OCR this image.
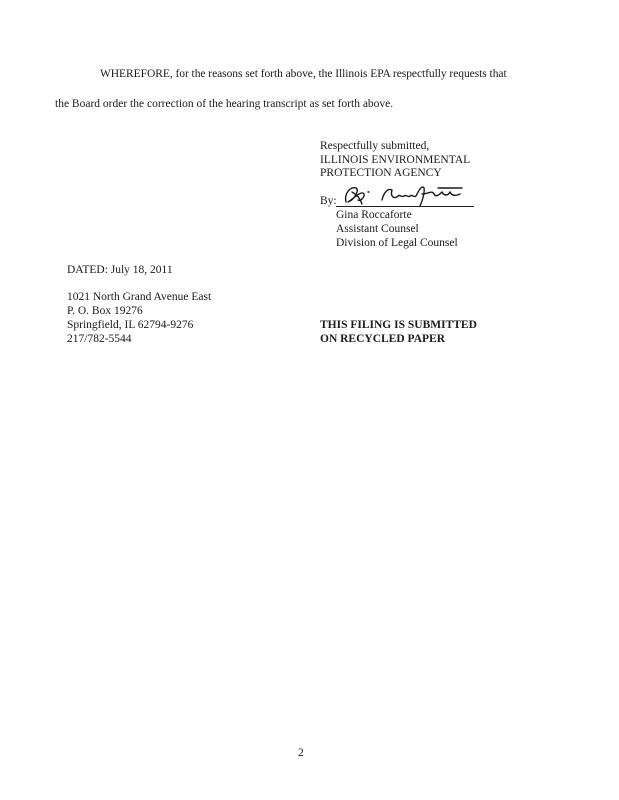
WHEREFORE, for the reasons set forth above, the Illinois EPA respectfully requests that
the Board order the correction of the hearing transcript as set forth above.
Respectfully submitted,
ILLINOIS ENVIRONMENTAL
PROTECTION AGENCY
By:
Gina Roccaforte
Assistant Counsel
Division of Legal Counsel
DATED: July 18, 2011
1021 North Grand Avenue East
P. O. Box 19276
Springfield, IL 62794-9276
217/782-5544
THIS FILING IS SUBMITTED
ON RECYCLED PAPER
2
